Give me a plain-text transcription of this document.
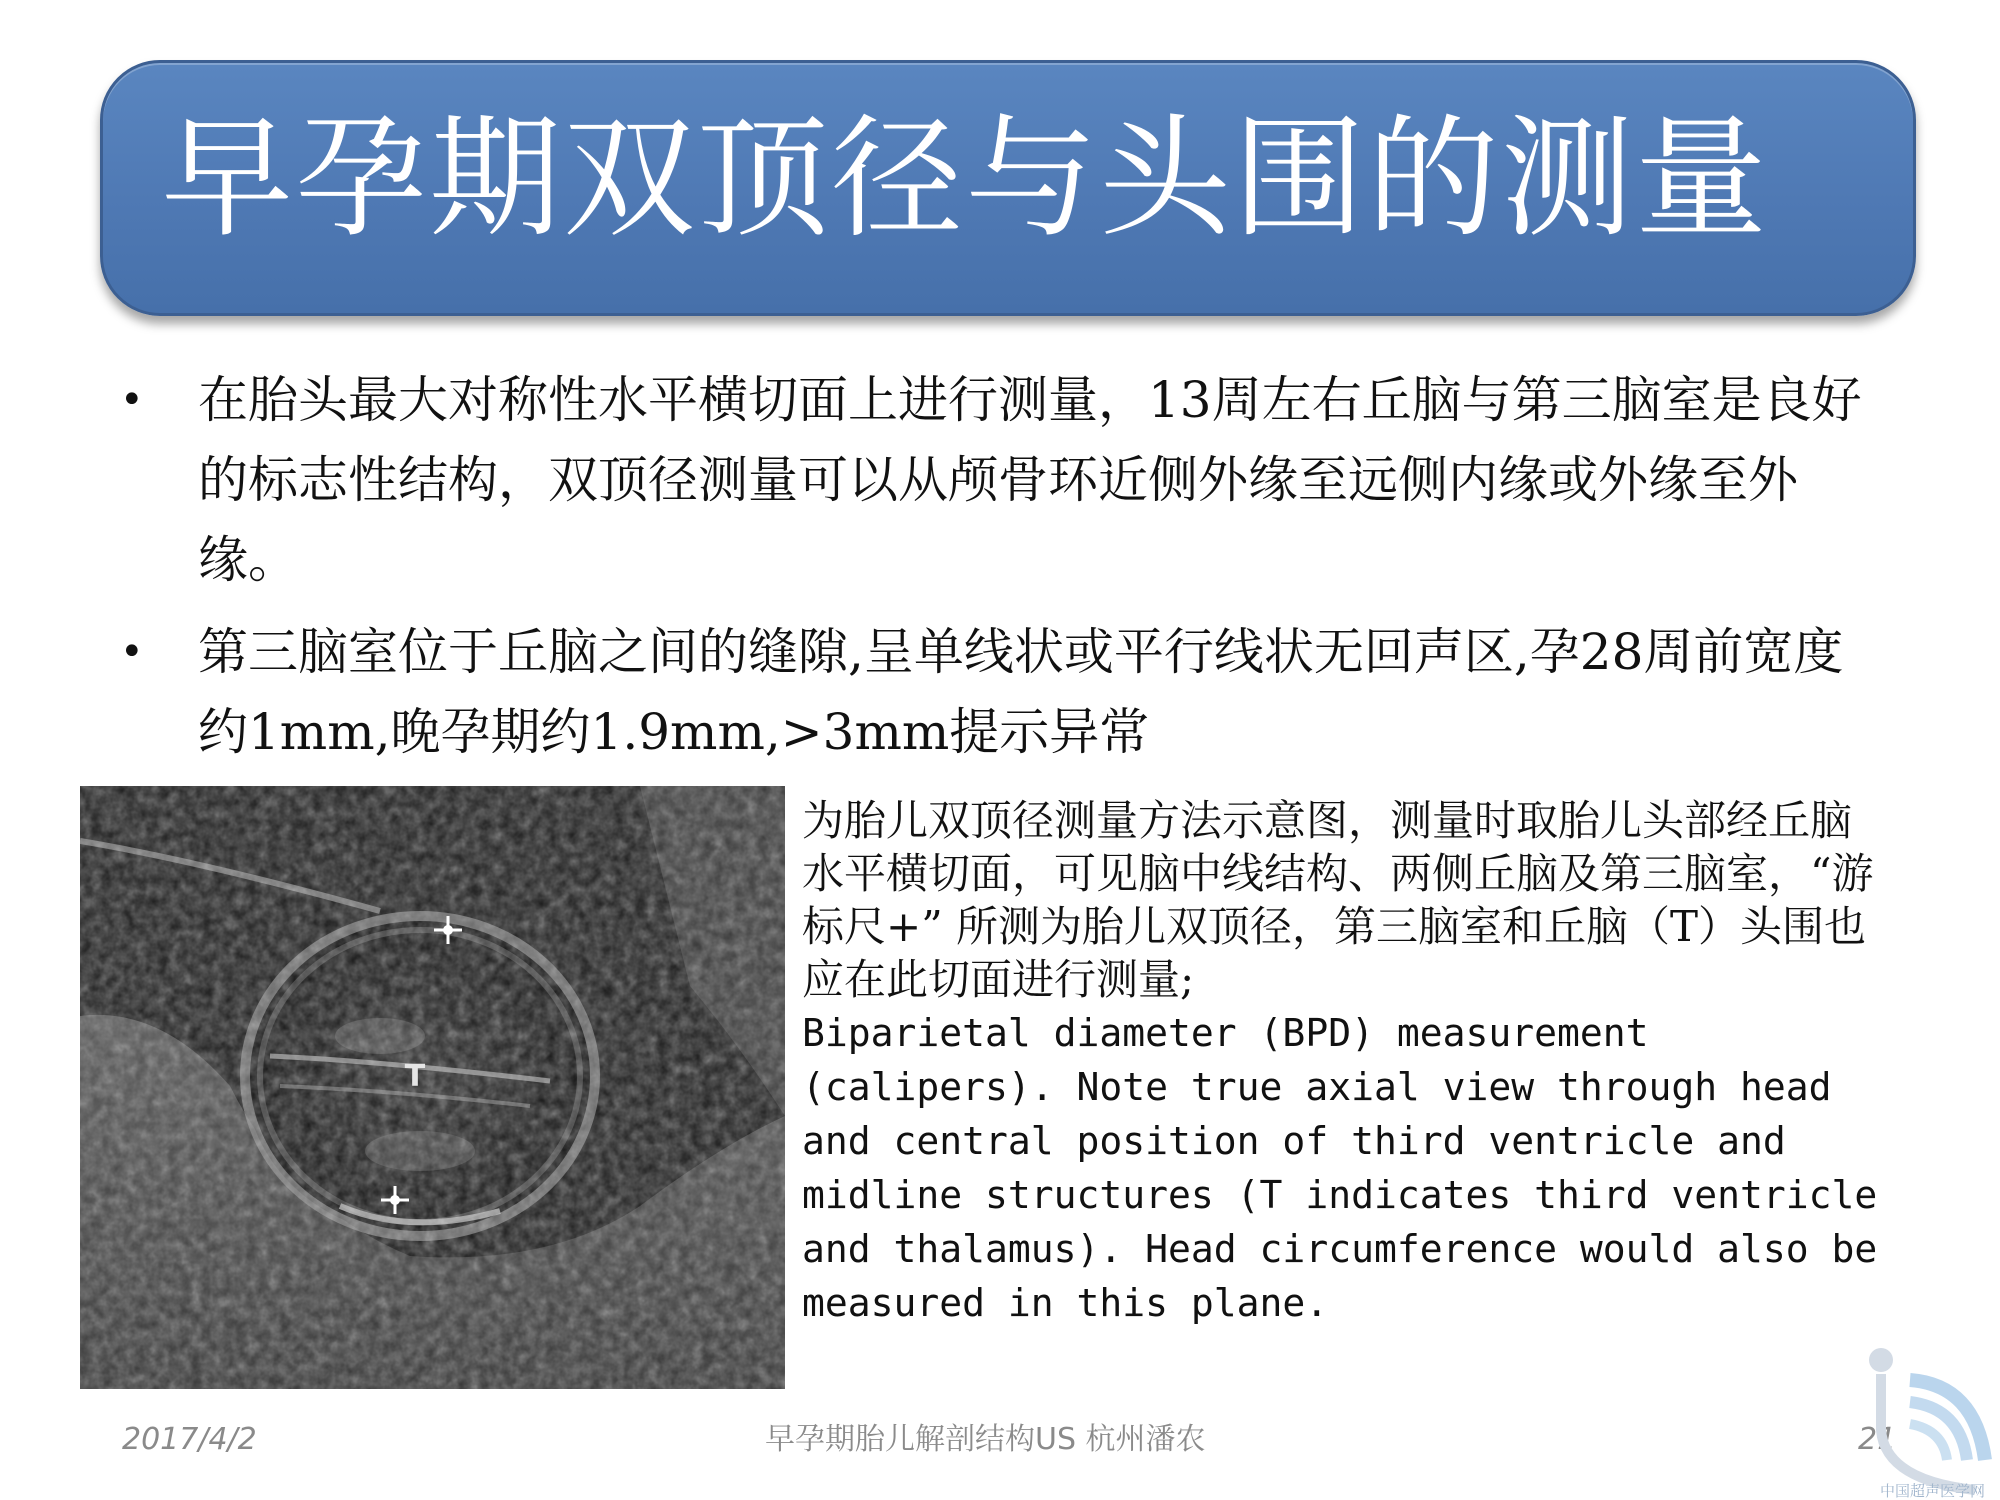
早孕期双顶径与头围的测量
• 在胎头最大对称性水平横切面上进行测量，13周左右丘脑与第三脑室是良好的标志性结构，双顶径测量可以从颅骨环近侧外缘至远侧内缘或外缘至外缘。
• 第三脑室位于丘脑之间的缝隙,呈单线状或平行线状无回声区,孕28周前宽度约1mm,晚孕期约1.9mm,>3mm提示异常
T
为胎儿双顶径测量方法示意图，测量时取胎儿头部经丘脑水平横切面，可见脑中线结构、两侧丘脑及第三脑室，“游标尺+” 所测为胎儿双顶径，第三脑室和丘脑（T）头围也应在此切面进行测量;
Biparietal diameter (BPD) measurement (calipers). Note true axial view through head and central position of third ventricle and midline structures (T indicates third ventricle and thalamus). Head circumference would also be measured in this plane.
2017/4/2	早孕期胎儿解剖结构US 杭州潘农	21
中国超声医学网
